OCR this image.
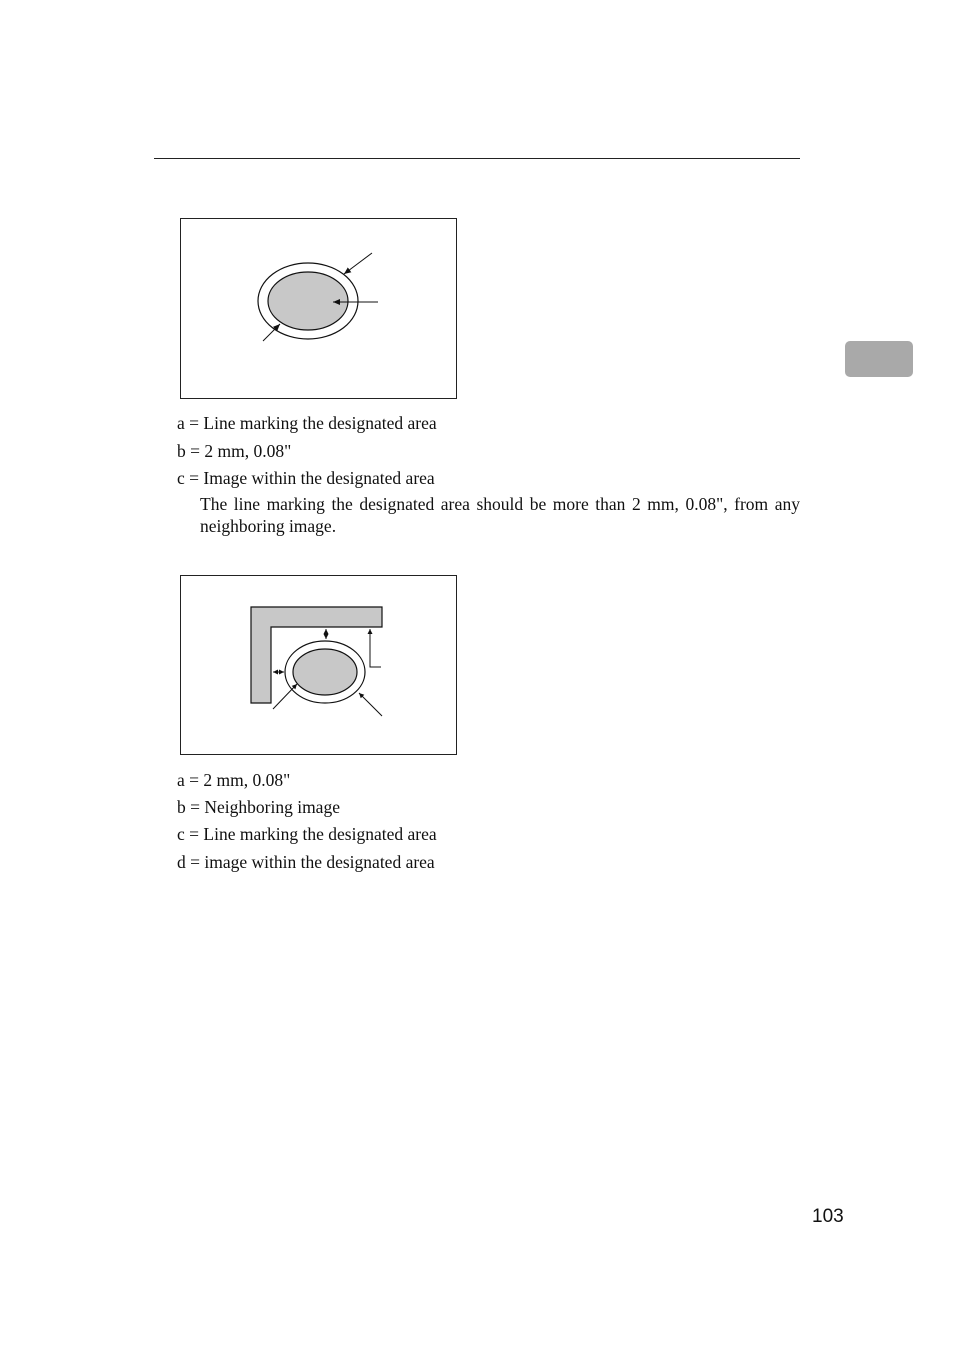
a = Line marking the designated area
b = 2 mm, 0.08"
c = Image within the designated area
The line marking the designated area should be more than 2 mm, 0.08", from any neighboring image.
a = 2 mm, 0.08"
b = Neighboring image
c = Line marking the designated area
d = image within the designated area
103
